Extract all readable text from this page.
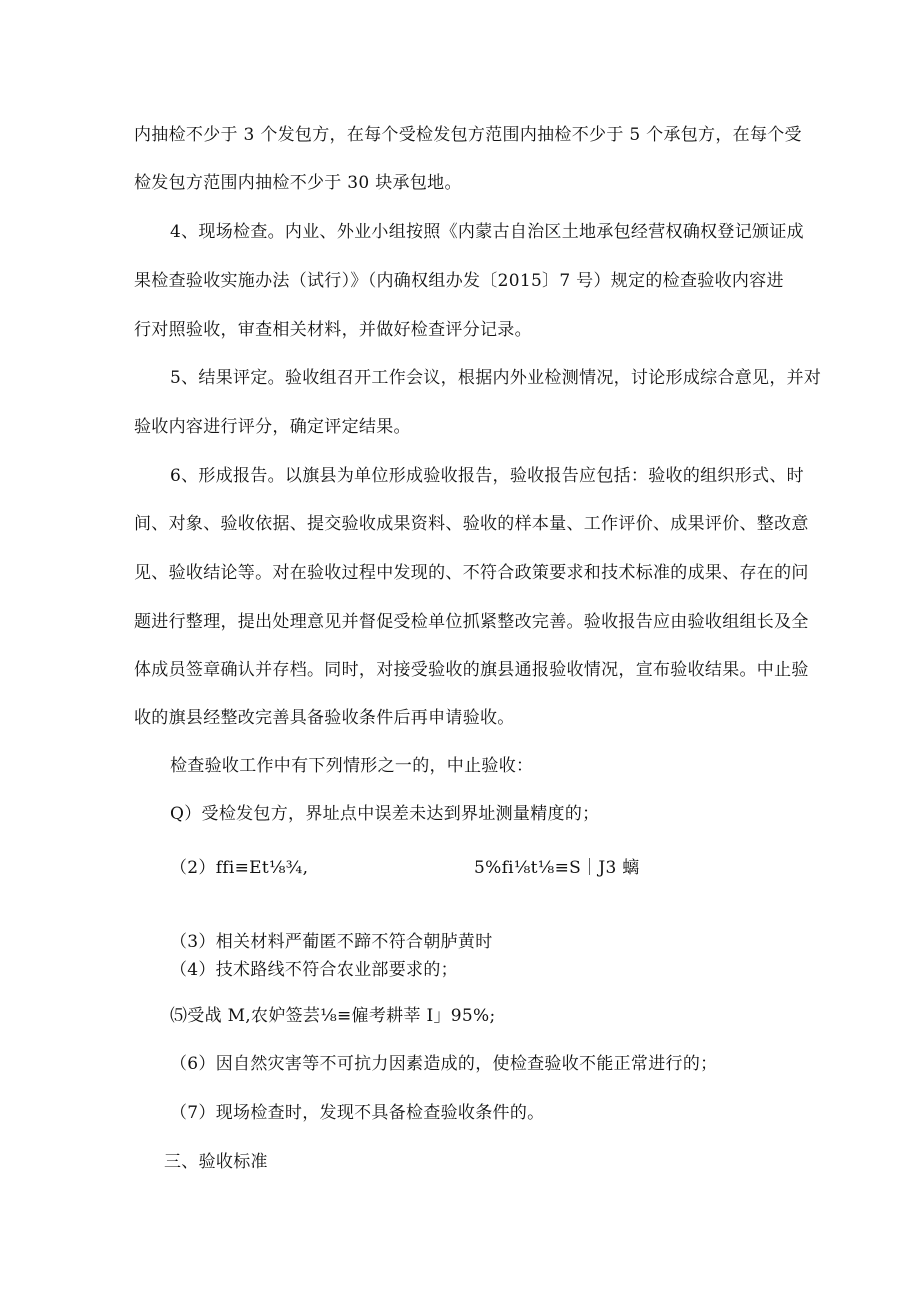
内抽检不少于 3 个发包方，在每个受检发包方范围内抽检不少于 5 个承包方，在每个受
检发包方范围内抽检不少于 30 块承包地。
4、现场检查。内业、外业小组按照《内蒙古自治区土地承包经营权确权登记颁证成
果检查验收实施办法（试行）》（内确权组办发〔2015〕7 号）规定的检查验收内容进
行对照验收，审查相关材料，并做好检查评分记录。
5、结果评定。验收组召开工作会议，根据内外业检测情况，讨论形成综合意见，并对
验收内容进行评分，确定评定结果。
6、形成报告。以旗县为单位形成验收报告，验收报告应包括：验收的组织形式、时
间、对象、验收依据、提交验收成果资料、验收的样本量、工作评价、成果评价、整改意
见、验收结论等。对在验收过程中发现的、不符合政策要求和技术标准的成果、存在的问
题进行整理，提出处理意见并督促受检单位抓紧整改完善。验收报告应由验收组组长及全
体成员签章确认并存档。同时，对接受验收的旗县通报验收情况，宣布验收结果。中止验
收的旗县经整改完善具备验收条件后再申请验收。
检查验收工作中有下列情形之一的，中止验收：
Q）受检发包方，界址点中误差未达到界址测量精度的；
（2）ffi≡Et⅛¾,	5%fi⅛t⅛≡S｜J3 螭
（3）相关材料严葡匿不蹄不符合朝胪黄时
（4）技术路线不符合农业部要求的；
⑸受战 M,农妒签芸⅛≡僱考耕莘 I」95%;
（6）因自然灾害等不可抗力因素造成的，使检查验收不能正常进行的；
（7）现场检查时，发现不具备检查验收条件的。
三、验收标准
